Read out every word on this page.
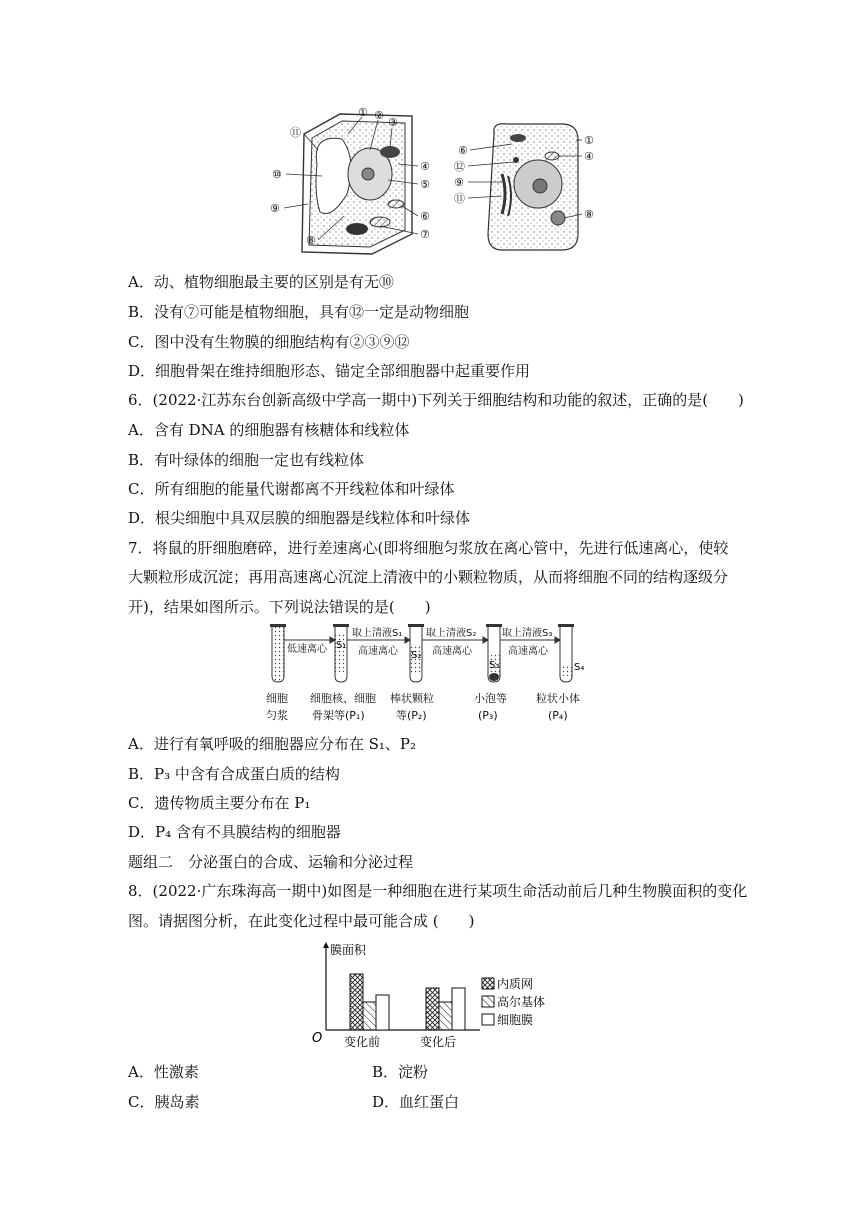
① ②
③
④
⑤
⑥
⑦
⑧
⑨
⑩
⑪
①
④
⑥
⑫
⑨
⑪
⑧
A．动、植物细胞最主要的区别是有无⑩
B．没有⑦可能是植物细胞，具有⑫一定是动物细胞
C．图中没有生物膜的细胞结构有②③⑨⑫
D．细胞骨架在维持细胞形态、锚定全部细胞器中起重要作用
6．(2022·江苏东台创新高级中学高一期中)下列关于细胞结构和功能的叙述，正确的是(　　)
A．含有 DNA 的细胞器有核糖体和线粒体
B．有叶绿体的细胞一定也有线粒体
C．所有细胞的能量代谢都离不开线粒体和叶绿体
D．根尖细胞中具双层膜的细胞器是线粒体和叶绿体
7．将鼠的肝细胞磨碎，进行差速离心(即将细胞匀浆放在离心管中，先进行低速离心，使较
大颗粒形成沉淀；再用高速离心沉淀上清液中的小颗粒物质，从而将细胞不同的结构逐级分
开)，结果如图所示。下列说法错误的是(　　)
S₁
S₂
S₃	S₄
低速离心
取上清液S₁
高速离心
取上清液S₂
高速离心
取上清液S₃
高速离心
细胞
匀浆
细胞核、细胞
骨架等(P₁)
棒状颗粒
等(P₂)
小泡等
(P₃)
粒状小体
(P₄)
A．进行有氧呼吸的细胞器应分布在 S₁、P₂
B．P₃ 中含有合成蛋白质的结构
C．遗传物质主要分布在 P₁
D．P₄ 含有不具膜结构的细胞器
题组二　分泌蛋白的合成、运输和分泌过程
8．(2022·广东珠海高一期中)如图是一种细胞在进行某项生命活动前后几种生物膜面积的变化
图。请据图分析，在此变化过程中最可能合成 (　　)
膜面积
O 变化前	变化后
内质网
高尔基体
细胞膜
A．性激素	B．淀粉
C．胰岛素	D．血红蛋白
